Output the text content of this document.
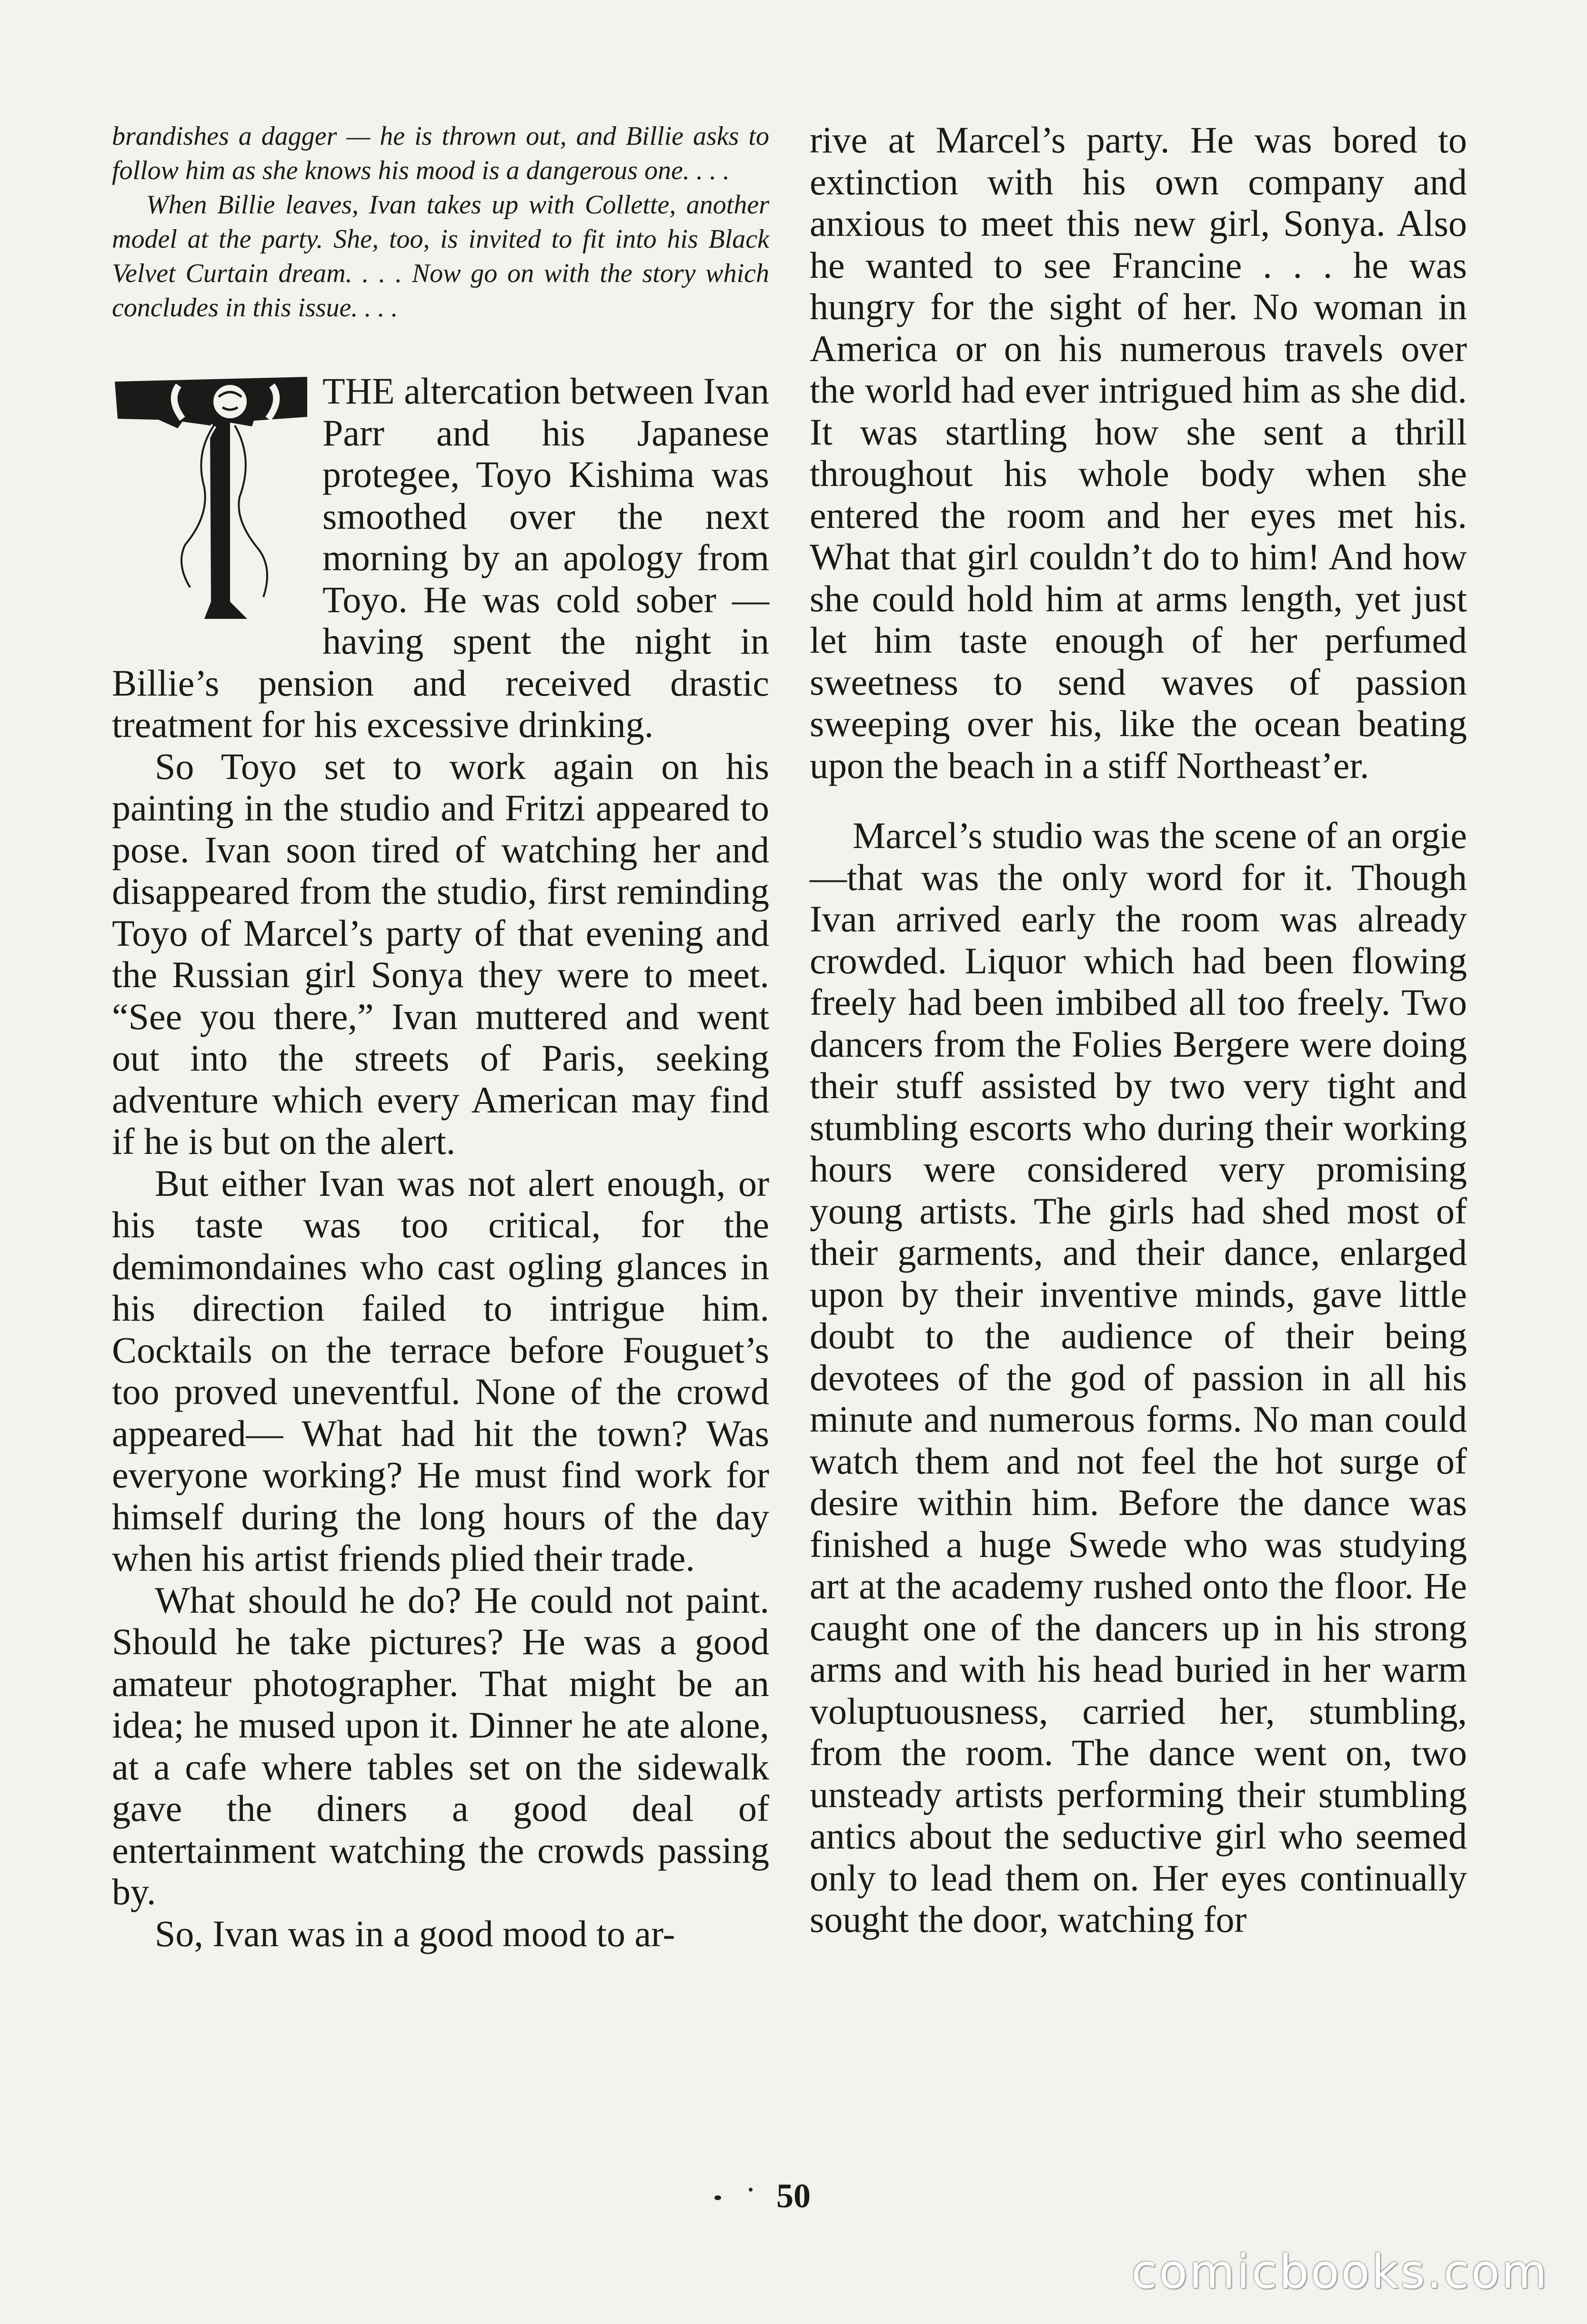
brandishes a dagger — he is thrown out, and Billie asks to follow him as she knows his mood is a dangerous one. . . .
When Billie leaves, Ivan takes up with Collette, another model at the party. She, too, is invited to fit into his Black Velvet Curtain dream. . . . Now go on with the story which concludes in this issue. . . .

THE altercation between Ivan Parr and his Japanese protegee, Toyo Kishima was smoothed over the next morning by an apology from Toyo. He was cold sober —having spent the night in Billie’s pension and received drastic treatment for his excessive drinking.

So Toyo set to work again on his painting in the studio and Fritzi appeared to pose. Ivan soon tired of watching her and disappeared from the studio, first reminding Toyo of Marcel’s party of that evening and the Russian girl Sonya they were to meet. “See you there,” Ivan muttered and went out into the streets of Paris, seeking adventure which every American may find if he is but on the alert.

But either Ivan was not alert enough, or his taste was too critical, for the demimondaines who cast ogling glances in his direction failed to intrigue him. Cocktails on the terrace before Fouguet’s too proved uneventful. None of the crowd appeared— What had hit the town? Was everyone working? He must find work for himself during the long hours of the day when his artist friends plied their trade.

What should he do? He could not paint. Should he take pictures? He was a good amateur photographer. That might be an idea; he mused upon it. Dinner he ate alone, at a cafe where tables set on the sidewalk gave the diners a good deal of entertainment watching the crowds passing by.

So, Ivan was in a good mood to ar-

rive at Marcel’s party. He was bored to extinction with his own company and anxious to meet this new girl, Sonya. Also he wanted to see Francine . . . he was hungry for the sight of her. No woman in America or on his numerous travels over the world had ever intrigued him as she did. It was startling how she sent a thrill throughout his whole body when she entered the room and her eyes met his. What that girl couldn’t do to him! And how she could hold him at arms length, yet just let him taste enough of her perfumed sweetness to send waves of passion sweeping over his, like the ocean beating upon the beach in a stiff Northeast’er.

Marcel’s studio was the scene of an orgie—that was the only word for it. Though Ivan arrived early the room was already crowded. Liquor which had been flowing freely had been imbibed all too freely. Two dancers from the Folies Bergere were doing their stuff assisted by two very tight and stumbling escorts who during their working hours were considered very promising young artists. The girls had shed most of their garments, and their dance, enlarged upon by their inventive minds, gave little doubt to the audience of their being devotees of the god of passion in all his minute and numerous forms. No man could watch them and not feel the hot surge of desire within him. Before the dance was finished a huge Swede who was studying art at the academy rushed onto the floor. He caught one of the dancers up in his strong arms and with his head buried in her warm voluptuousness, carried her, stumbling, from the room. The dance went on, two unsteady artists performing their stumbling antics about the seductive girl who seemed only to lead them on. Her eyes continually sought the door, watching for

50
comicbooks.com
